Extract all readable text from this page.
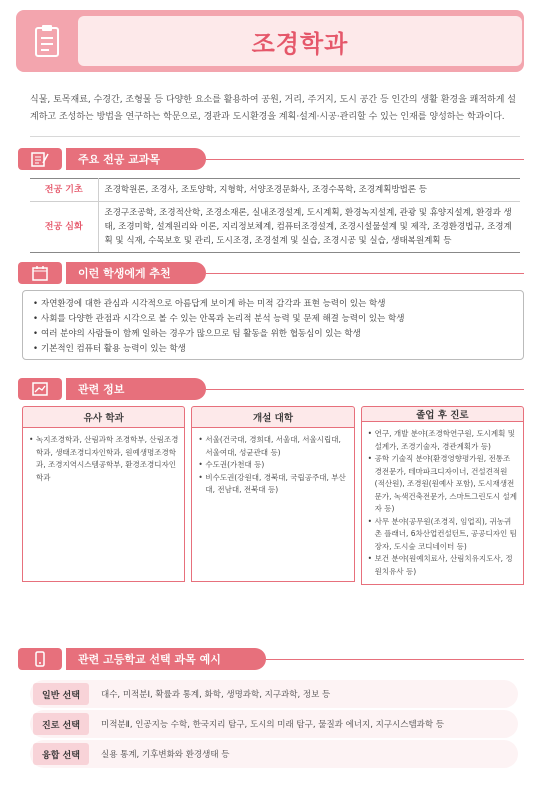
조경학과
식물, 토목재료, 수경간, 조형물 등 다양한 요소를 활용하여 공원, 거리, 주거지, 도시 공간 등 인간의 생활 환경을 쾌적하게 설계하고 조성하는 방법을 연구하는 학문으로, 경관과 도시환경을 계획·설계·시공·관리할 수 있는 인재를 양성하는 학과이다.
주요 전공 교과목
전공 기초	조경학원론, 조경사, 조토양학, 지형학, 서양조경문화사, 조경수목학, 조경계획방법론 등
전공 심화	조경구조공학, 조경적산학, 조경소재론, 실내조경설계, 도시계획, 환경녹지설계, 관광 및 휴양지설계, 환경과 생태, 조경미학, 설계원리와 이론, 지리정보체계, 컴퓨터조경설계, 조경시설물설계 및 제작, 조경환경법규, 조경계획 및 식재, 수목보호 및 관리, 도시조경, 조경설계 및 실습, 조경시공 및 실습, 생태복원계획 등
이런 학생에게 추천
• 자연환경에 대한 관심과 시각적으로 아름답게 보이게 하는 미적 감각과 표현 능력이 있는 학생
• 사회를 다양한 관점과 시각으로 볼 수 있는 안목과 논리적 분석 능력 및 문제 해결 능력이 있는 학생
• 여러 분야의 사람들이 함께 일하는 경우가 많으므로 팀 활동을 위한 협동심이 있는 학생
• 기본적인 컴퓨터 활용 능력이 있는 학생
관련 정보
유사 학과
• 녹지조경학과, 산림과학 조경학부, 산림조경학과, 생태조경디자인학과, 원예생명조경학과, 조경지역시스템공학부, 환경조경디자인학과
개설 대학
• 서울(건국대, 경희대, 서울대, 서울시립대, 서울여대, 성균관대 등)
• 수도권(가천대 등)
• 비수도권(강원대, 경북대, 국립공주대, 부산대, 전남대, 전북대 등)
졸업 후 진로
• 연구, 개발 분야(조경학연구원, 도시계획 및 설계가, 조경기술자, 경관계획가 등)
• 공학 기술직 분야(환경영향평가원, 전통조경전문가, 테마파크디자이너, 건설견적원(적산원), 조경원(원예사 포함), 도시재생전문가, 녹색건축전문가, 스마트그린도시 설계자 등)
• 사무 분야(공무원(조경직, 임업직), 귀농귀촌 플래너, 6차산업컨설턴트, 공공디자인 팀장자, 도시숲 코디네이터 등)
• 보건 분야(원예치료사, 산림치유지도사, 정원치유사 등)
관련 고등학교 선택 과목 예시
일반 선택	대수, 미적분Ⅰ, 확률과 통계, 화학, 생명과학, 지구과학, 정보 등
진로 선택	미적분Ⅱ, 인공지능 수학, 한국지리 탐구, 도시의 미래 탐구, 물질과 에너지, 지구시스템과학 등
융합 선택	실용 통계, 기후변화와 환경생태 등
